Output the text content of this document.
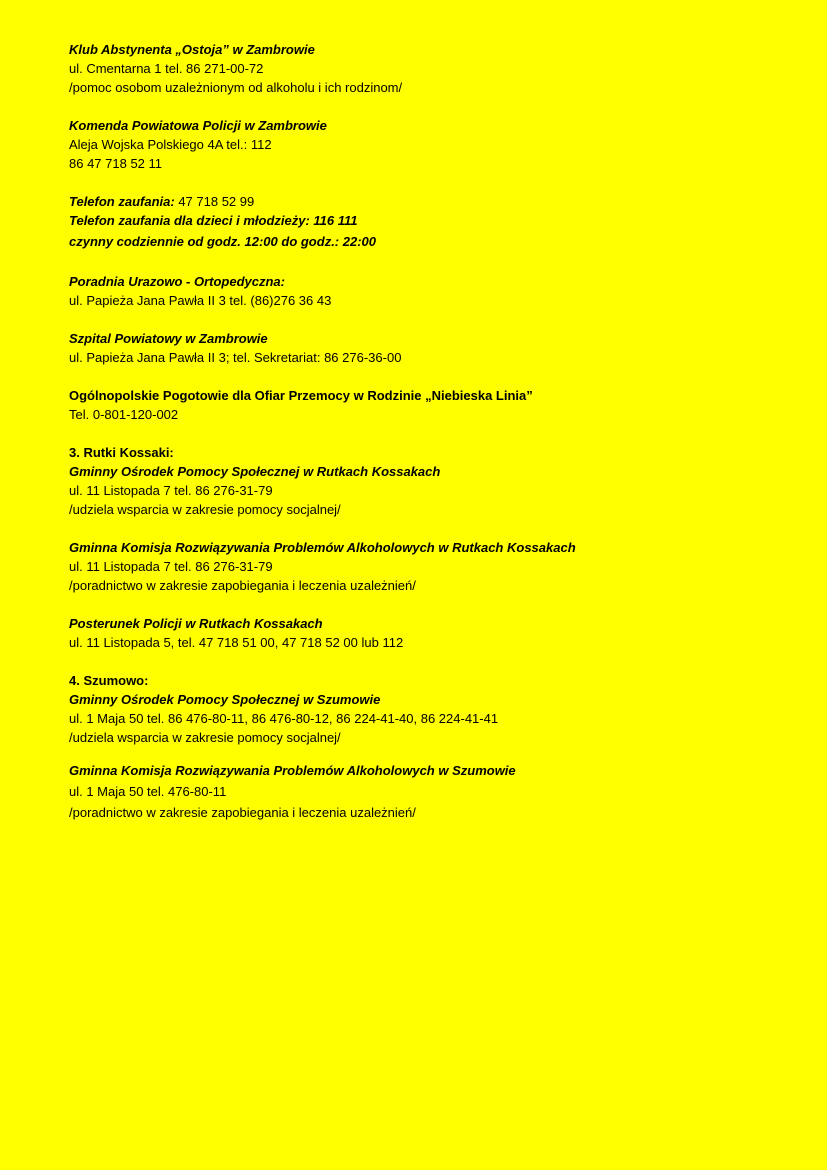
Klub Abstynenta „Ostoja” w Zambrowie
ul. Cmentarna 1 tel. 86 271-00-72
/pomoc osobom uzależnionym od alkoholu i ich rodzinom/
Komenda Powiatowa Policji w Zambrowie
Aleja Wojska Polskiego 4A tel.: 112
86 47 718 52 11
Telefon zaufania: 47 718 52 99
Telefon zaufania dla dzieci i młodzieży: 116 111
czynny codziennie od godz. 12:00 do godz.: 22:00
Poradnia Urazowo - Ortopedyczna:
ul. Papieża Jana Pawła II 3 tel. (86)276 36 43
Szpital Powiatowy w Zambrowie
ul. Papieża Jana Pawła II 3; tel. Sekretariat: 86 276-36-00
Ogólnopolskie Pogotowie dla Ofiar Przemocy w Rodzinie „Niebieska Linia”
Tel. 0-801-120-002
3. Rutki Kossaki:
Gminny Ośrodek Pomocy Społecznej w Rutkach Kossakach
ul. 11 Listopada 7 tel. 86 276-31-79
/udziela wsparcia w zakresie pomocy socjalnej/
Gminna Komisja Rozwiązywania Problemów Alkoholowych w Rutkach Kossakach
ul. 11 Listopada 7 tel. 86 276-31-79
/poradnictwo w zakresie zapobiegania i leczenia uzależnień/
Posterunek Policji w Rutkach Kossakach
ul. 11 Listopada 5, tel. 47 718 51 00, 47 718 52 00 lub 112
4. Szumowo:
Gminny Ośrodek Pomocy Społecznej w Szumowie
ul. 1 Maja 50 tel. 86 476-80-11, 86 476-80-12, 86 224-41-40, 86 224-41-41
/udziela wsparcia w zakresie pomocy socjalnej/
Gminna Komisja Rozwiązywania Problemów Alkoholowych w Szumowie
ul. 1 Maja 50 tel. 476-80-11
/poradnictwo w zakresie zapobiegania i leczenia uzależnień/
